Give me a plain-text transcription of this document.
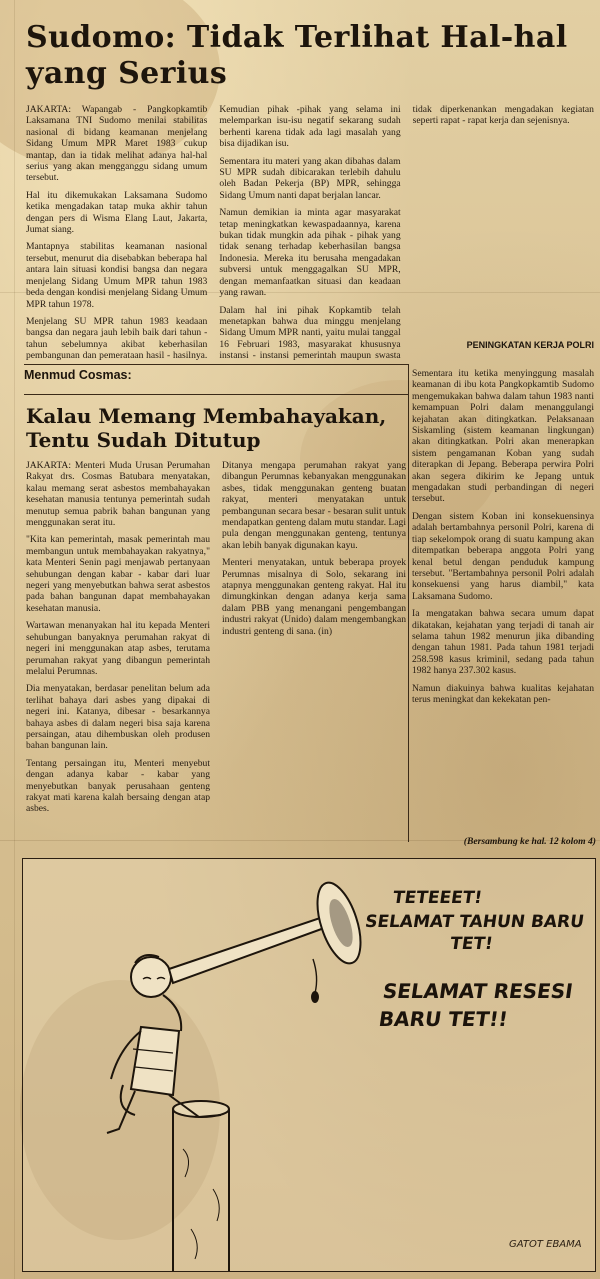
Sudomo: Tidak Terlihat Hal-hal yang Serius

JAKARTA: Wapangab - Pangkopkamtib Laksamana TNI Sudomo menilai stabilitas nasional di bidang keamanan menjelang Sidang Umum MPR Maret 1983 cukup mantap, dan ia tidak melihat adanya hal-hal serius yang akan mengganggu sidang umum tersebut.

Hal itu dikemukakan Laksamana Sudomo ketika mengadakan tatap muka akhir tahun dengan pers di Wisma Elang Laut, Jakarta, Jumat siang.

Mantapnya stabilitas keamanan nasional tersebut, menurut dia disebabkan beberapa hal antara lain situasi kondisi bangsa dan negara menjelang Sidang Umum MPR tahun 1983 beda dengan kondisi menjelang Sidang Umum MPR tahun 1978.

Menjelang SU MPR tahun 1983 keadaan bangsa dan negara jauh lebih baik dari tahun - tahun sebelumnya akibat keberhasilan pembangunan dan pemerataan hasil - hasilnya. Kemudian pihak -pihak yang selama ini melemparkan isu-isu negatif sekarang sudah berhenti karena tidak ada lagi masalah yang bisa dijadikan isu.

Sementara itu materi yang akan dibahas dalam SU MPR sudah dibicarakan terlebih dahulu oleh Badan Pekerja (BP) MPR, sehingga Sidang Umum nanti dapat berjalan lancar.

Namun demikian ia minta agar masyarakat tetap meningkatkan kewaspadaannya, karena bukan tidak mungkin ada pihak - pihak yang tidak senang terhadap keberhasilan bangsa Indonesia. Mereka itu berusaha mengadakan subversi untuk menggagalkan SU MPR, dengan memanfaatkan situasi dan keadaan yang rawan.

Dalam hal ini pihak Kopkamtib telah menetapkan bahwa dua minggu menjelang Sidang Umum MPR nanti, yaitu mulai tanggal 16 Februari 1983, masyarakat khususnya instansi - instansi pemerintah maupun swasta tidak diperkenankan mengadakan kegiatan seperti rapat - rapat kerja dan sejenisnya.

PENINGKATAN KERJA POLRI
Menmud Cosmas:
Kalau Memang Membahayakan, Tentu Sudah Ditutup

JAKARTA: Menteri Muda Urusan Perumahan Rakyat drs. Cosmas Batubara menyatakan, kalau memang serat asbestos membahayakan kesehatan manusia tentunya pemerintah sudah menutup semua pabrik bahan bangunan yang menggunakan serat itu.

"Kita kan pemerintah, masak pemerintah mau membangun untuk membahayakan rakyatnya," kata Menteri Senin pagi menjawab pertanyaan sehubungan dengan kabar - kabar dari luar negeri yang menyebutkan bahwa serat asbestos pada bahan bangunan dapat membahayakan kesehatan manusia.

Wartawan menanyakan hal itu kepada Menteri sehubungan banyaknya perumahan rakyat di negeri ini menggunakan atap asbes, terutama perumahan rakyat yang dibangun pemerintah melalui Perumnas.

Dia menyatakan, berdasar penelitan belum ada terlihat bahaya dari asbes yang dipakai di negeri ini. Katanya, dibesar - besarkannya bahaya asbes di dalam negeri bisa saja karena persaingan, atau dihembuskan oleh produsen bahan bangunan lain.

Tentang persaingan itu, Menteri menyebut dengan adanya kabar - kabar yang menyebutkan banyak perusahaan genteng rakyat mati karena kalah bersaing dengan atap asbes.

Ditanya mengapa perumahan rakyat yang dibangun Perumnas kebanyakan menggunakan asbes, tidak menggunakan genteng buatan rakyat, menteri menyatakan untuk pembangunan secara besar - besaran sulit untuk mendapatkan genteng dalam mutu standar. Lagi pula dengan menggunakan genteng, tentunya akan lebih banyak digunakan kayu.

Menteri menyatakan, untuk beberapa proyek Perumnas misalnya di Solo, sekarang ini atapnya menggunakan genteng rakyat. Hal itu dimungkinkan dengan adanya kerja sama dalam PBB yang menangani pengembangan industri rakyat (Unido) dalam mengembangkan industri genteng di sana. (in)

Sementara itu ketika menyinggung masalah keamanan di ibu kota Pangkopkamtib Sudomo mengemukakan bahwa dalam tahun 1983 nanti kemampuan Polri dalam menanggulangi kejahatan akan ditingkatkan. Pelaksanaan Siskamling (sistem keamanan lingkungan) akan ditingkatkan. Polri akan menerapkan sistem pengamanan Koban yang sudah diterapkan di Jepang. Beberapa perwira Polri akan segera dikirim ke Jepang untuk mengadakan studi perbandingan di negeri tersebut.

Dengan sistem Koban ini konsekuensinya adalah bertambahnya personil Polri, karena di tiap sekelompok orang di suatu kampung akan ditempatkan beberapa anggota Polri yang kenal betul dengan penduduk kampung tersebut. "Bertambahnya personil Polri adalah konsekuensi yang harus diambil," kata Laksamana Sudomo.

Ia mengatakan bahwa secara umum dapat dikatakan, kejahatan yang terjadi di tanah air selama tahun 1982 menurun jika dibanding dengan tahun 1981. Pada tahun 1981 terjadi 258.598 kasus kriminil, sedang pada tahun 1982 hanya 237.302 kasus.

Namun diakuinya bahwa kualitas kejahatan terus meningkat dan kekekatan pen-

(Bersambung ke hal. 12 kolom 4)
TETEEET!
SELAMAT TAHUN BARU TET!
SELAMAT RESESI BARU TET!!
GATOT EBAMA
